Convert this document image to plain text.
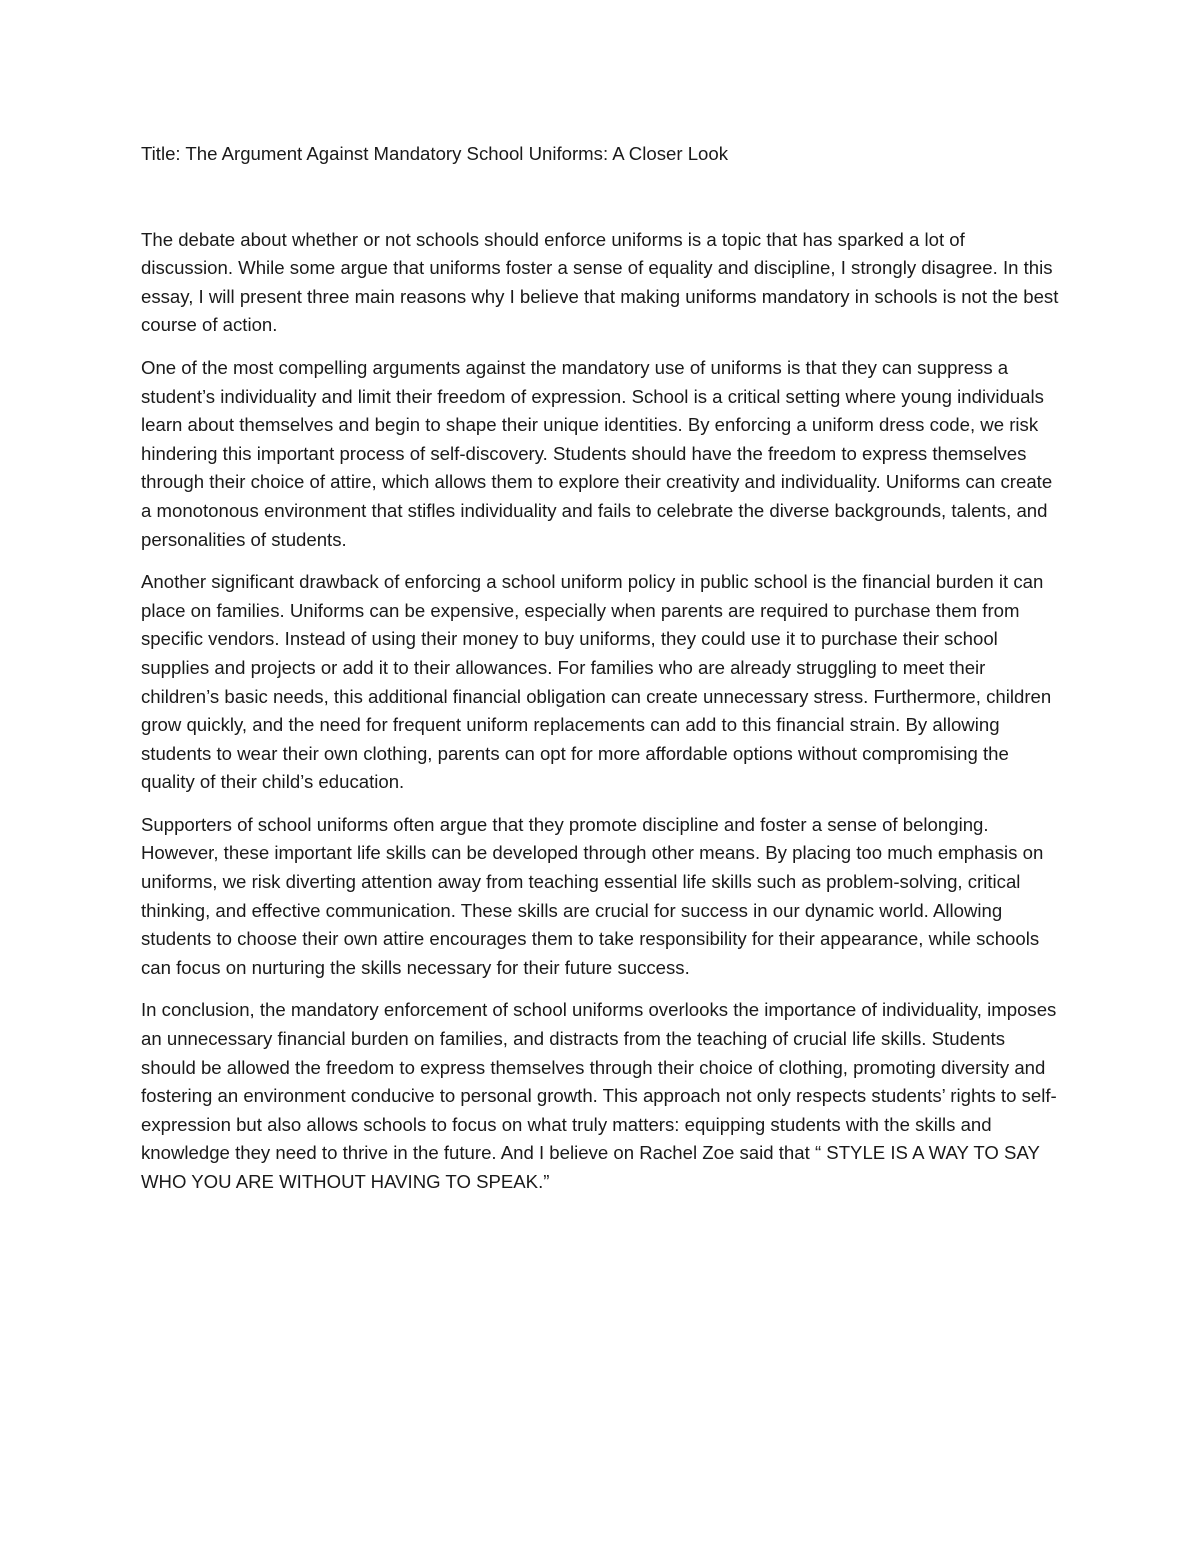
Title: The Argument Against Mandatory School Uniforms: A Closer Look

The debate about whether or not schools should enforce uniforms is a topic that has sparked a lot of discussion. While some argue that uniforms foster a sense of equality and discipline, I strongly disagree. In this essay, I will present three main reasons why I believe that making uniforms mandatory in schools is not the best course of action.

One of the most compelling arguments against the mandatory use of uniforms is that they can suppress a student’s individuality and limit their freedom of expression. School is a critical setting where young individuals learn about themselves and begin to shape their unique identities. By enforcing a uniform dress code, we risk hindering this important process of self-discovery. Students should have the freedom to express themselves through their choice of attire, which allows them to explore their creativity and individuality. Uniforms can create a monotonous environment that stifles individuality and fails to celebrate the diverse backgrounds, talents, and personalities of students.

Another significant drawback of enforcing a school uniform policy in public school is the financial burden it can place on families. Uniforms can be expensive, especially when parents are required to purchase them from specific vendors. Instead of using their money to buy uniforms, they could use it to purchase their school supplies and projects or add it to their allowances. For families who are already struggling to meet their children’s basic needs, this additional financial obligation can create unnecessary stress. Furthermore, children grow quickly, and the need for frequent uniform replacements can add to this financial strain. By allowing students to wear their own clothing, parents can opt for more affordable options without compromising the quality of their child’s education.

Supporters of school uniforms often argue that they promote discipline and foster a sense of belonging. However, these important life skills can be developed through other means. By placing too much emphasis on uniforms, we risk diverting attention away from teaching essential life skills such as problem-solving, critical thinking, and effective communication. These skills are crucial for success in our dynamic world. Allowing students to choose their own attire encourages them to take responsibility for their appearance, while schools can focus on nurturing the skills necessary for their future success.

In conclusion, the mandatory enforcement of school uniforms overlooks the importance of individuality, imposes an unnecessary financial burden on families, and distracts from the teaching of crucial life skills. Students should be allowed the freedom to express themselves through their choice of clothing, promoting diversity and fostering an environment conducive to personal growth. This approach not only respects students’ rights to self-expression but also allows schools to focus on what truly matters: equipping students with the skills and knowledge they need to thrive in the future. And I believe on Rachel Zoe said that “ STYLE IS A WAY TO SAY WHO YOU ARE WITHOUT HAVING TO SPEAK.”
